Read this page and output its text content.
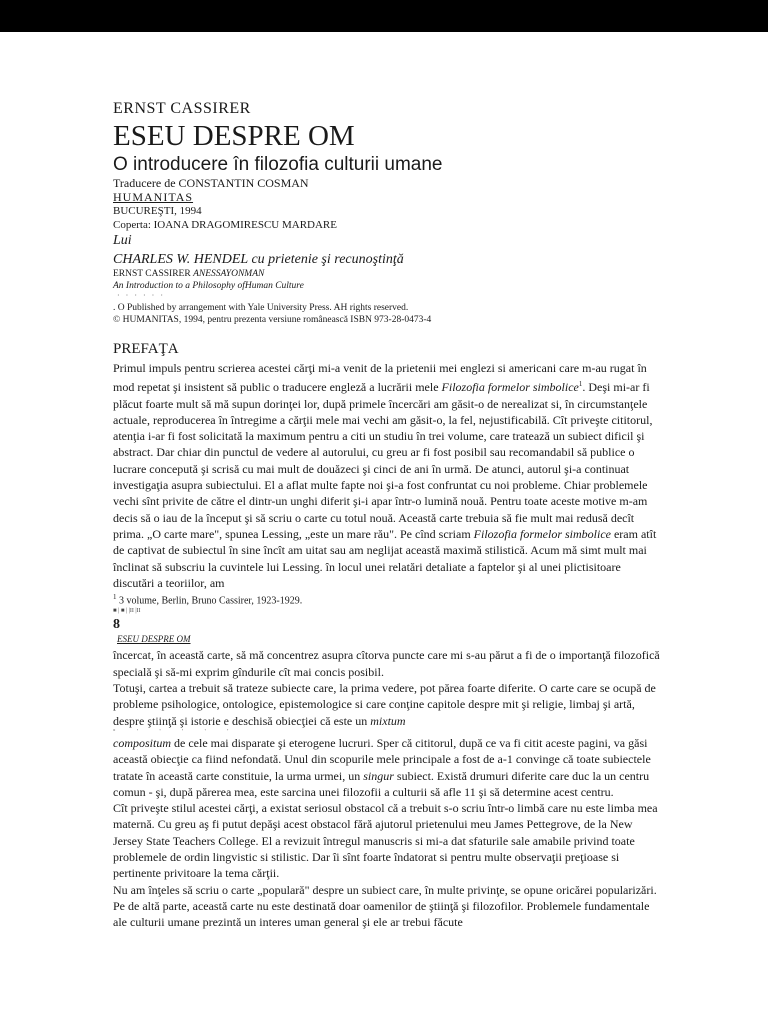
ERNST CASSIRER

ESEU DESPRE OM

O introducere în filozofia culturii umane

Traducere de CONSTANTIN COSMAN

HUMANITAS

BUCUREŞTI, 1994

Coperta: IOANA DRAGOMIRESCU MARDARE

Lui

CHARLES W. HENDEL cu prietenie şi recunoştinţă

ERNST CASSIRER ANESSAYONMAN

An Introduction to a Philosophy ofHuman Culture

· · · · · ·

. O Published by arrangement with Yale University Press. AH rights reserved.

© HUMANITAS, 1994, pentru prezenta versiune românească ISBN 973-28-0473-4

PREFAŢA

Primul impuls pentru scrierea acestei cărţi mi-a venit de la prietenii mei englezi si americani care m-au rugat în mod repetat şi insistent să public o traducere engleză a lucrării mele Filozofia formelor simbolice$^1$. Deşi mi-ar fi plăcut foarte mult să mă supun dorinţei lor, după primele încercări am găsit-o de nerealizat si, în circumstanţele actuale, reproducerea în întregime a cărţii mele mai vechi am găsit-o, la fel, nejustificabilă. Cît priveşte cititorul, atenţia i-ar fi fost solicitată la maximum pentru a citi un studiu în trei volume, care tratează un subiect dificil şi abstract. Dar chiar din punctul de vedere al autorului, cu greu ar fi fost posibil sau recomandabil să publice o lucrare concepută şi scrisă cu mai mult de douăzeci şi cinci de ani în urmă. De atunci, autorul şi-a continuat investigaţia asupra subiectului. El a aflat multe fapte noi şi-a fost confruntat cu noi probleme. Chiar problemele vechi sînt privite de către el dintr-un unghi diferit şi-i apar într-o lumină nouă. Pentru toate aceste motive m-am decis să o iau de la început şi să scriu o carte cu totul nouă. Această carte trebuia să fie mult mai redusă decît prima. „O carte mare", spunea Lessing, „este un mare rău". Pe cînd scriam Filozofia formelor simbolice eram atît de captivat de subiectul în sine încît am uitat sau am neglijat această maximă stilistică. Acum mă simt mult mai înclinat să subscriu la cuvintele lui Lessing. în locul unei relatări detaliate a faptelor şi al unei plictisitoare discutări a teoriilor, am

$^1$ 3 volume, Berlin, Bruno Cassirer, 1923-1929.

■ | ■ | |II |II

8

ESEU DESPRE OM

încercat, în această carte, să mă concentrez asupra cîtorva puncte care mi s-au părut a fi de o importanţă filozofică specială şi să-mi exprim gîndurile cît mai concis posibil.

Totuşi, cartea a trebuit să trateze subiecte care, la prima vedere, pot părea foarte diferite. O carte care se ocupă de probleme psihologice, ontologice, epistemologice si care conţine capitole despre mit şi religie, limbaj şi artă, despre ştiinţă şi istorie e deschisă obiecţiei că este un mixtum

° ' ' ' ' '

compositum de cele mai disparate şi eterogene lucruri. Sper că cititorul, după ce va fi citit aceste pagini, va găsi această obiecţie ca fiind nefondată. Unul din scopurile mele principale a fost de a-1 convinge că toate subiectele tratate în această carte constituie, la urma urmei, un singur subiect. Există drumuri diferite care duc la un centru comun - şi, după părerea mea, este sarcina unei filozofii a culturii să afle 11 şi să determine acest centru.

Cît priveşte stilul acestei cărţi, a existat seriosul obstacol că a trebuit s-o scriu într-o limbă care nu este limba mea maternă. Cu greu aş fi putut depăşi acest obstacol fără ajutorul prietenului meu James Pettegrove, de la New Jersey State Teachers College. El a revizuit întregul manuscris si mi-a dat sfaturile sale amabile privind toate problemele de ordin lingvistic si stilistic. Dar îi sînt foarte îndatorat si pentru multe observaţii preţioase si pertinente privitoare la tema cărţii.

Nu am înţeles să scriu o carte „populară" despre un subiect care, în multe privinţe, se opune oricărei popularizări. Pe de altă parte, această carte nu este destinată doar oamenilor de ştiinţă şi filozofilor. Problemele fundamentale ale culturii umane prezintă un interes uman general şi ele ar trebui făcute
